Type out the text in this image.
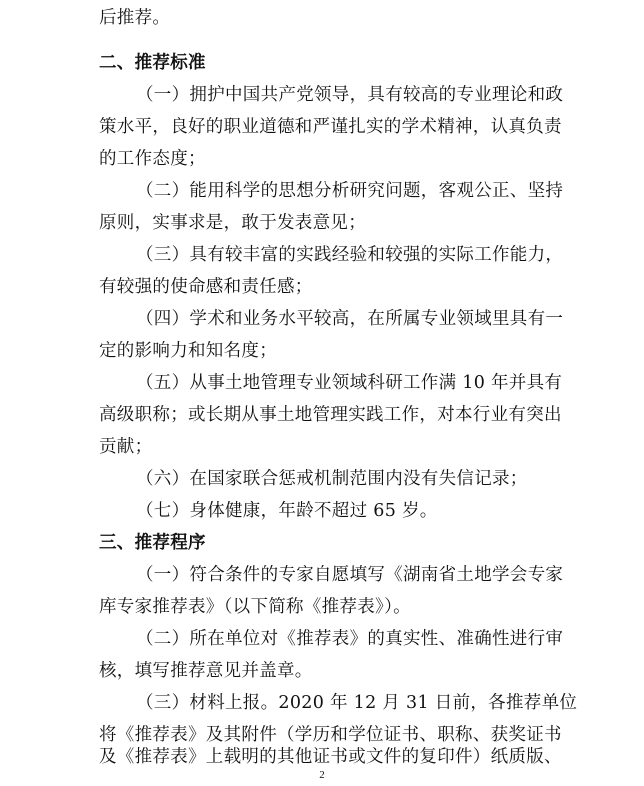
后推荐。
二、推荐标准
（一）拥护中国共产党领导，具有较高的专业理论和政
策水平，良好的职业道德和严谨扎实的学术精神，认真负责
的工作态度；
（二）能用科学的思想分析研究问题，客观公正、坚持
原则，实事求是，敢于发表意见；
（三）具有较丰富的实践经验和较强的实际工作能力，
有较强的使命感和责任感；
（四）学术和业务水平较高，在所属专业领域里具有一
定的影响力和知名度；
（五）从事土地管理专业领域科研工作满 10 年并具有
高级职称；或长期从事土地管理实践工作，对本行业有突出
贡献；
（六）在国家联合惩戒机制范围内没有失信记录；
（七）身体健康，年龄不超过 65 岁。
三、推荐程序
（一）符合条件的专家自愿填写《湖南省土地学会专家
库专家推荐表》（以下简称《推荐表》）。
（二）所在单位对《推荐表》的真实性、准确性进行审
核，填写推荐意见并盖章。
（三）材料上报。2020 年 12 月 31 日前，各推荐单位
将《推荐表》及其附件（学历和学位证书、职称、获奖证书
及《推荐表》上载明的其他证书或文件的复印件）纸质版、
2
